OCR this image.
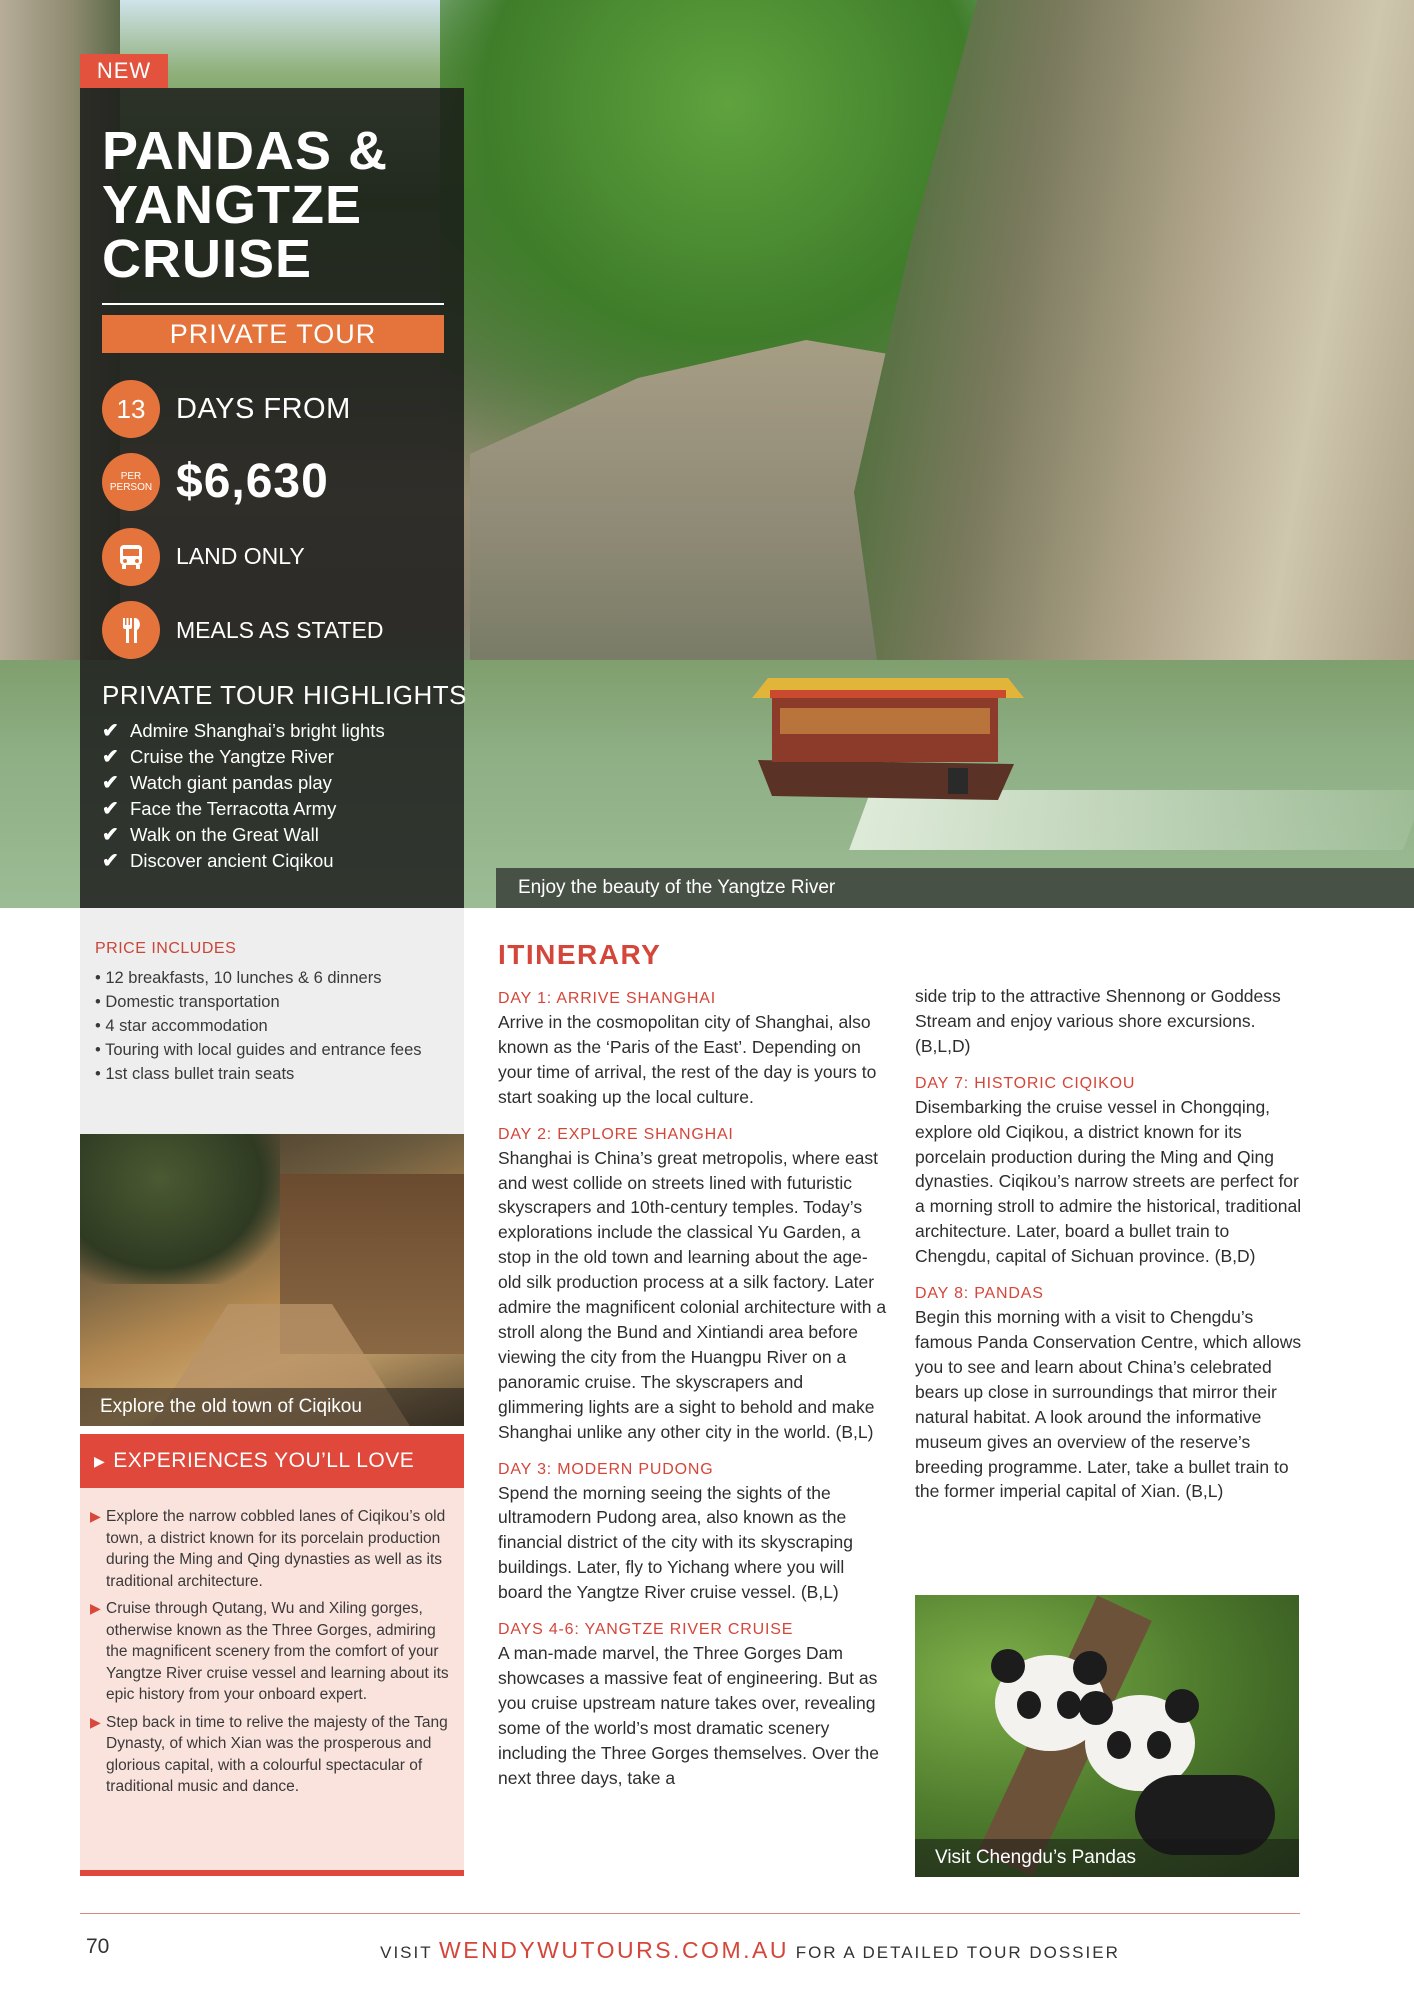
NEW
PANDAS &
YANGTZE
CRUISE
PRIVATE TOUR
13	DAYS FROM
PER
PERSON $6,630
LAND ONLY
MEALS AS STATED
PRIVATE TOUR HIGHLIGHTS
✔ Admire Shanghai’s bright lights
✔ Cruise the Yangtze River
✔ Watch giant pandas play
✔ Face the Terracotta Army
✔ Walk on the Great Wall
✔ Discover ancient Ciqikou
Enjoy the beauty of the Yangtze River
PRICE INCLUDES
• 12 breakfasts, 10 lunches & 6 dinners
• Domestic transportation
• 4 star accommodation
• Touring with local guides and entrance fees
• 1st class bullet train seats
Explore the old town of Ciqikou
▶ EXPERIENCES YOU’LL LOVE
▶ Explore the narrow cobbled lanes of Ciqikou’s old town, a district known for its porcelain production during the Ming and Qing dynasties as well as its traditional architecture.
▶ Cruise through Qutang, Wu and Xiling gorges, otherwise known as the Three Gorges, admiring the magnificent scenery from the comfort of your Yangtze River cruise vessel and learning about its epic history from your onboard expert.
▶ Step back in time to relive the majesty of the Tang Dynasty, of which Xian was the prosperous and glorious capital, with a colourful spectacular of traditional music and dance.
ITINERARY
DAY 1: ARRIVE SHANGHAI
Arrive in the cosmopolitan city of Shanghai, also known as the ‘Paris of the East’. Depending on your time of arrival, the rest of the day is yours to start soaking up the local culture.
DAY 2: EXPLORE SHANGHAI
Shanghai is China’s great metropolis, where east and west collide on streets lined with futuristic skyscrapers and 10th-century temples. Today’s explorations include the classical Yu Garden, a stop in the old town and learning about the age-old silk production process at a silk factory. Later admire the magnificent colonial architecture with a stroll along the Bund and Xintiandi area before viewing the city from the Huangpu River on a panoramic cruise. The skyscrapers and glimmering lights are a sight to behold and make Shanghai unlike any other city in the world. (B,L)
DAY 3: MODERN PUDONG
Spend the morning seeing the sights of the ultramodern Pudong area, also known as the financial district of the city with its skyscraping buildings. Later, fly to Yichang where you will board the Yangtze River cruise vessel. (B,L)
DAYS 4-6: YANGTZE RIVER CRUISE
A man-made marvel, the Three Gorges Dam showcases a massive feat of engineering. But as you cruise upstream nature takes over, revealing some of the world’s most dramatic scenery including the Three Gorges themselves. Over the next three days, take a
side trip to the attractive Shennong or Goddess Stream and enjoy various shore excursions. (B,L,D)
DAY 7: HISTORIC CIQIKOU
Disembarking the cruise vessel in Chongqing, explore old Ciqikou, a district known for its porcelain production during the Ming and Qing dynasties. Ciqikou’s narrow streets are perfect for a morning stroll to admire the historical, traditional architecture. Later, board a bullet train to Chengdu, capital of Sichuan province. (B,D)
DAY 8: PANDAS
Begin this morning with a visit to Chengdu’s famous Panda Conservation Centre, which allows you to see and learn about China’s celebrated bears up close in surroundings that mirror their natural habitat. A look around the informative museum gives an overview of the reserve’s breeding programme. Later, take a bullet train to the former imperial capital of Xian. (B,L)
Visit Chengdu’s Pandas
70	VISIT WENDYWUTOURS.COM.AU FOR A DETAILED TOUR DOSSIER
